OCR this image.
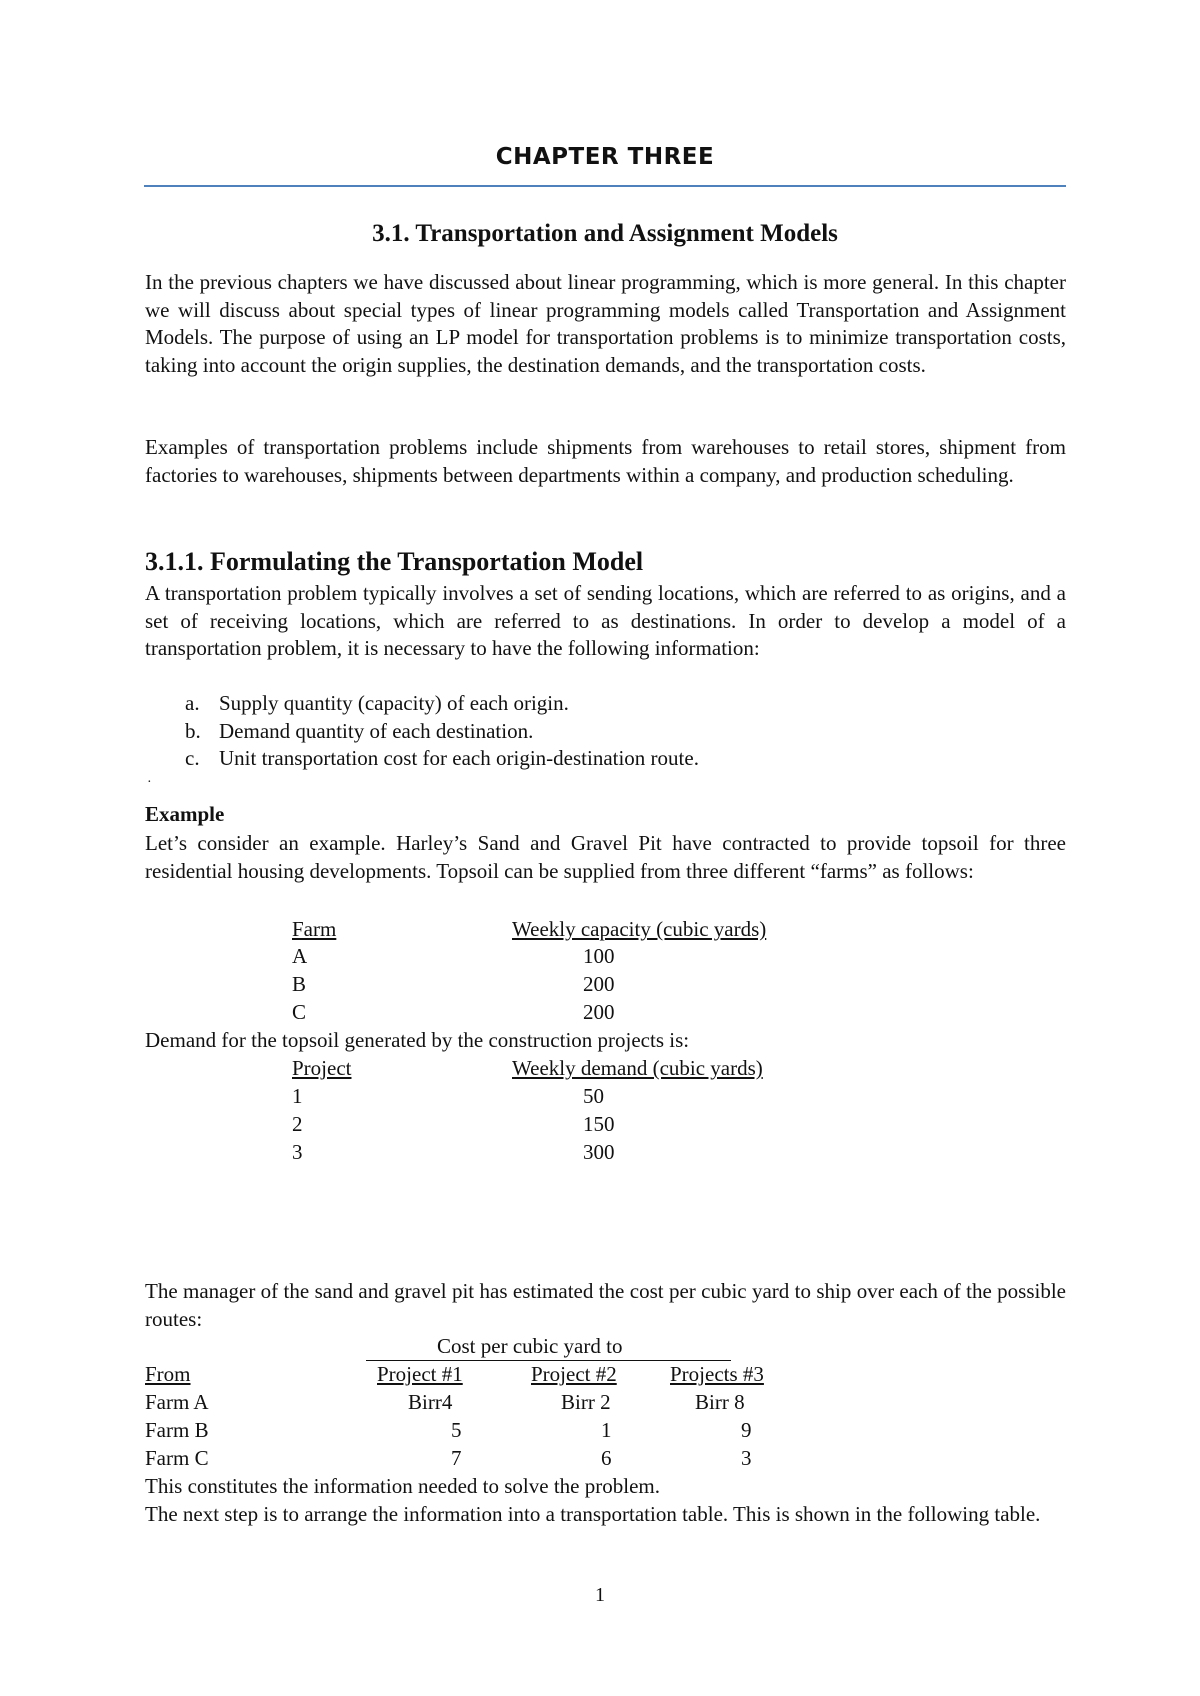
CHAPTER THREE
3.1. Transportation and Assignment Models

In the previous chapters we have discussed about linear programming, which is more general. In this chapter we will discuss about special types of linear programming models called Transportation and Assignment Models. The purpose of using an LP model for transportation problems is to minimize transportation costs, taking into account the origin supplies, the destination demands, and the transportation costs.

Examples of transportation problems include shipments from warehouses to retail stores, shipment from factories to warehouses, shipments between departments within a company, and production scheduling.

3.1.1. Formulating the Transportation Model

A transportation problem typically involves a set of sending locations, which are referred to as origins, and a set of receiving locations, which are referred to as destinations. In order to develop a model of a transportation problem, it is necessary to have the following information:

a. Supply quantity (capacity) of each origin.
b. Demand quantity of each destination.
c. Unit transportation cost for each origin-destination route.
·
Example

Let’s consider an example. Harley’s Sand and Gravel Pit have contracted to provide topsoil for three residential housing developments. Topsoil can be supplied from three different “farms” as follows:

Farm	Weekly capacity (cubic yards)
A	100
B	200
C	200
Demand for the topsoil generated by the construction projects is:
Project	Weekly demand (cubic yards)
1	50
2	150
3	300

The manager of the sand and gravel pit has estimated the cost per cubic yard to ship over each of the possible routes:

Cost per cubic yard to
From	Project #1	Project #2	Projects #3
Farm A	Birr4	Birr 2	Birr 8
Farm B	5	1	9
Farm C	7	6	3
This constitutes the information needed to solve the problem.

The next step is to arrange the information into a transportation table. This is shown in the following table.

1
